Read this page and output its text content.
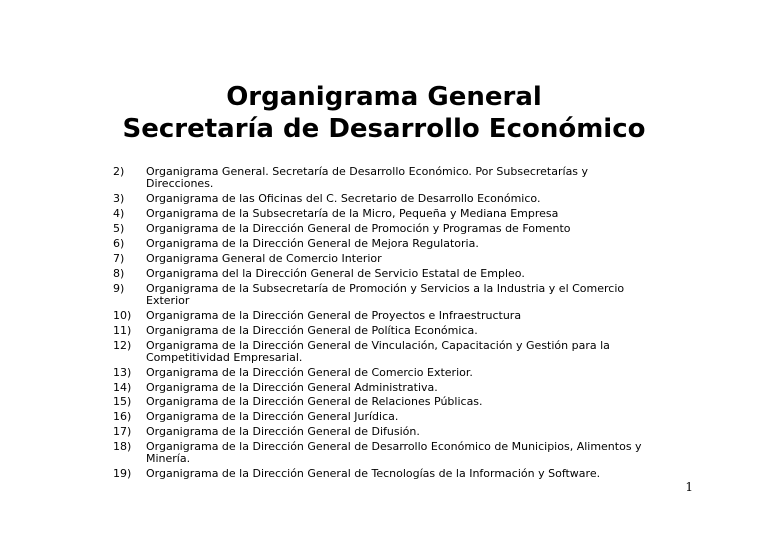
Organigrama General
Secretaría de Desarrollo Económico
2)	Organigrama General. Secretaría de Desarrollo Económico. Por Subsecretarías y Direcciones.
3)	Organigrama de las Oficinas del C. Secretario de Desarrollo Económico.
4)	Organigrama de la Subsecretaría de la Micro, Pequeña y Mediana Empresa
5)	Organigrama de la Dirección General de Promoción y Programas de Fomento
6)	Organigrama de la Dirección General de Mejora Regulatoria.
7)	Organigrama General de Comercio Interior
8)	Organigrama del la Dirección General de Servicio Estatal de Empleo.
9)	Organigrama de la Subsecretaría de Promoción y Servicios a la Industria y el Comercio Exterior
10)	Organigrama de la Dirección General de Proyectos e Infraestructura
11)	Organigrama de la Dirección General de Política Económica.
12)	Organigrama de la Dirección General de Vinculación, Capacitación y Gestión para la Competitividad Empresarial.
13)	Organigrama de la Dirección General de Comercio Exterior.
14)	Organigrama de la Dirección General Administrativa.
15)	Organigrama de la Dirección General de Relaciones Públicas.
16)	Organigrama de la Dirección General Jurídica.
17)	Organigrama de la Dirección General de Difusión.
18)	Organigrama de la Dirección General de Desarrollo Económico de Municipios, Alimentos y Minería.
19)	Organigrama de la Dirección General de Tecnologías de la Información y Software.
1
